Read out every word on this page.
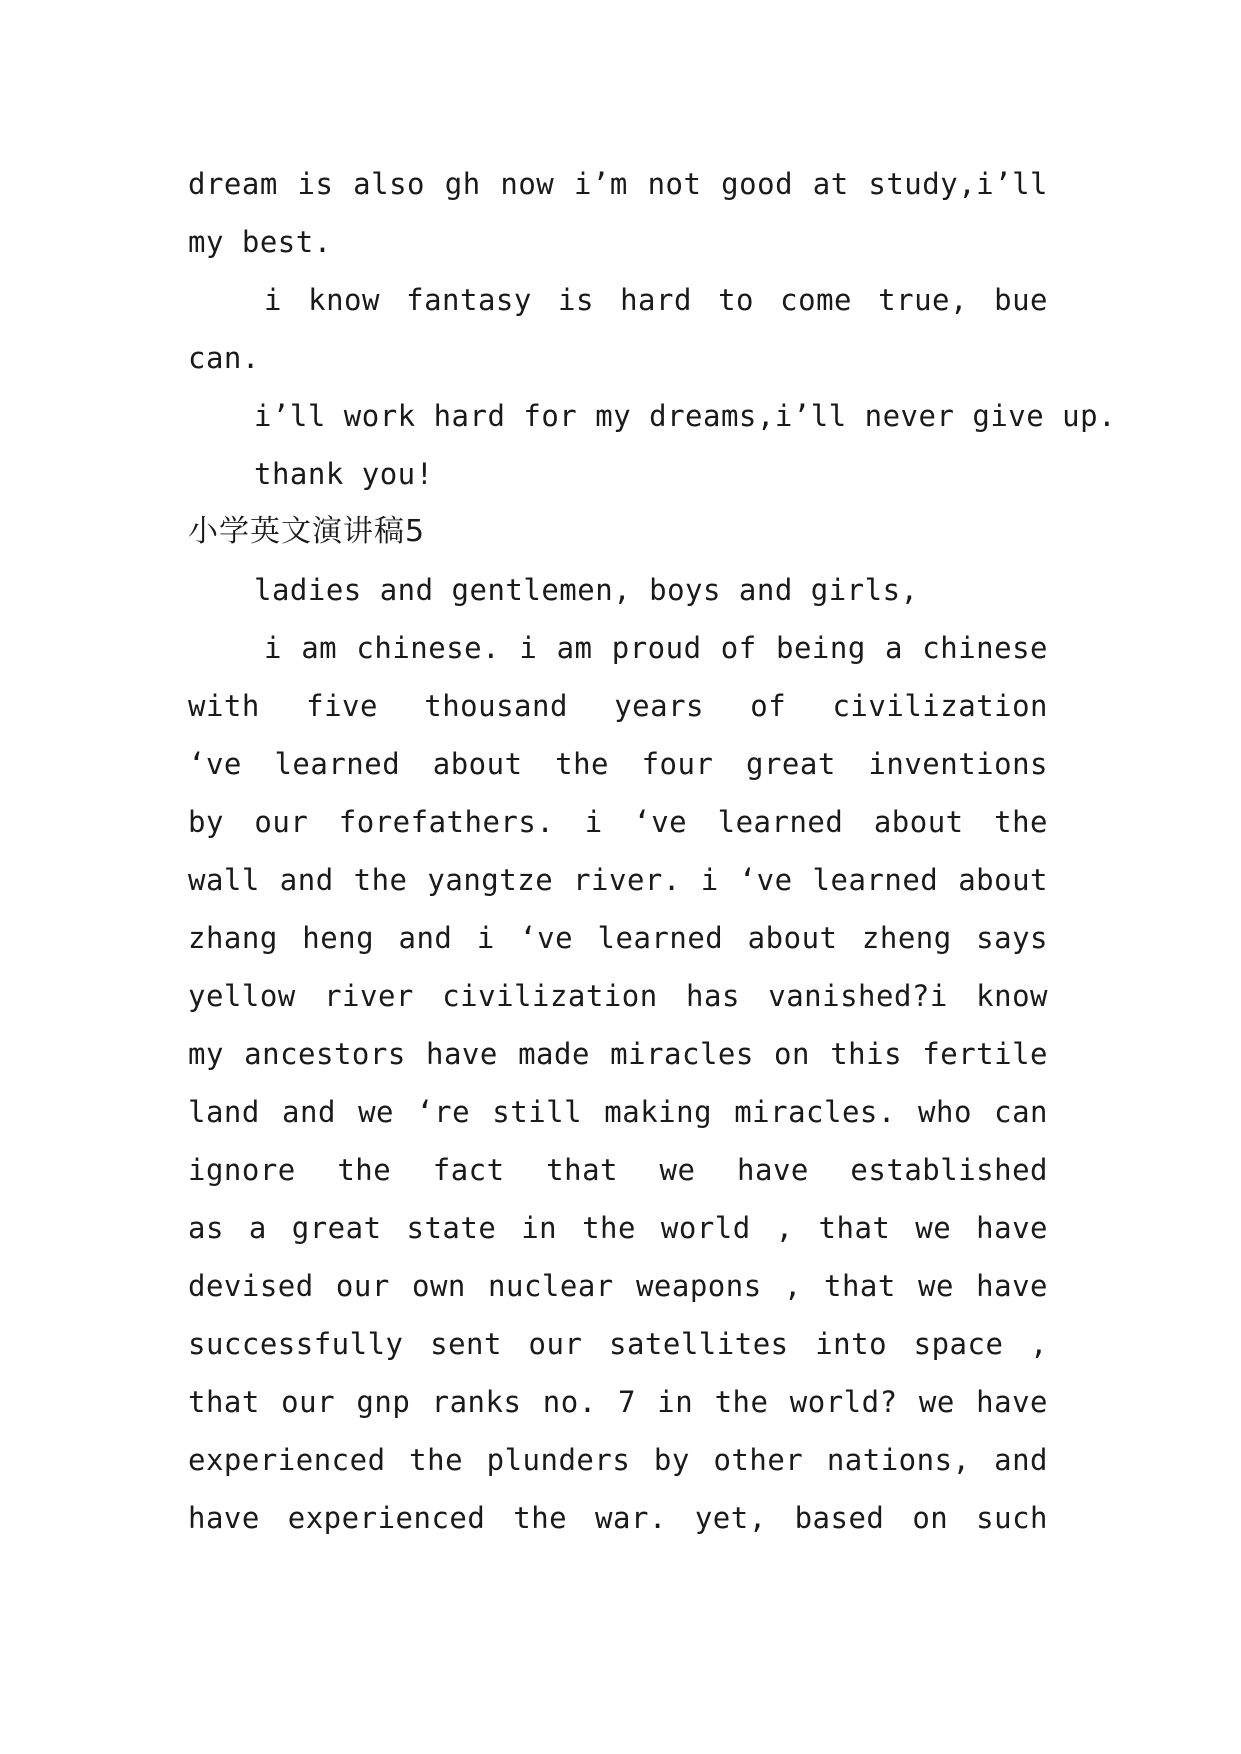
dream is also gh now i’m not good at study,i’ll
my best.
i know fantasy is hard to come true, bue
can.
i’ll work hard for my dreams,i’ll never give up.
thank you!
小学英文演讲稿5
ladies and gentlemen, boys and girls,
i am chinese. i am proud of being a chinese
with five thousand years of civilization
‘ve learned about the four great inventions
by our forefathers. i ‘ve learned about the
wall and the yangtze river. i ‘ve learned about
zhang heng and i ‘ve learned about zheng says
yellow river civilization has vanished?i know
my ancestors have made miracles on this fertile
land and we ‘re still making miracles. who can
ignore the fact that we have established
as a great state in the world , that we have
devised our own nuclear weapons , that we have
successfully sent our satellites into space ,
that our gnp ranks no. 7 in the world? we have
experienced the plunders by other nations, and
have experienced the war. yet, based on such
